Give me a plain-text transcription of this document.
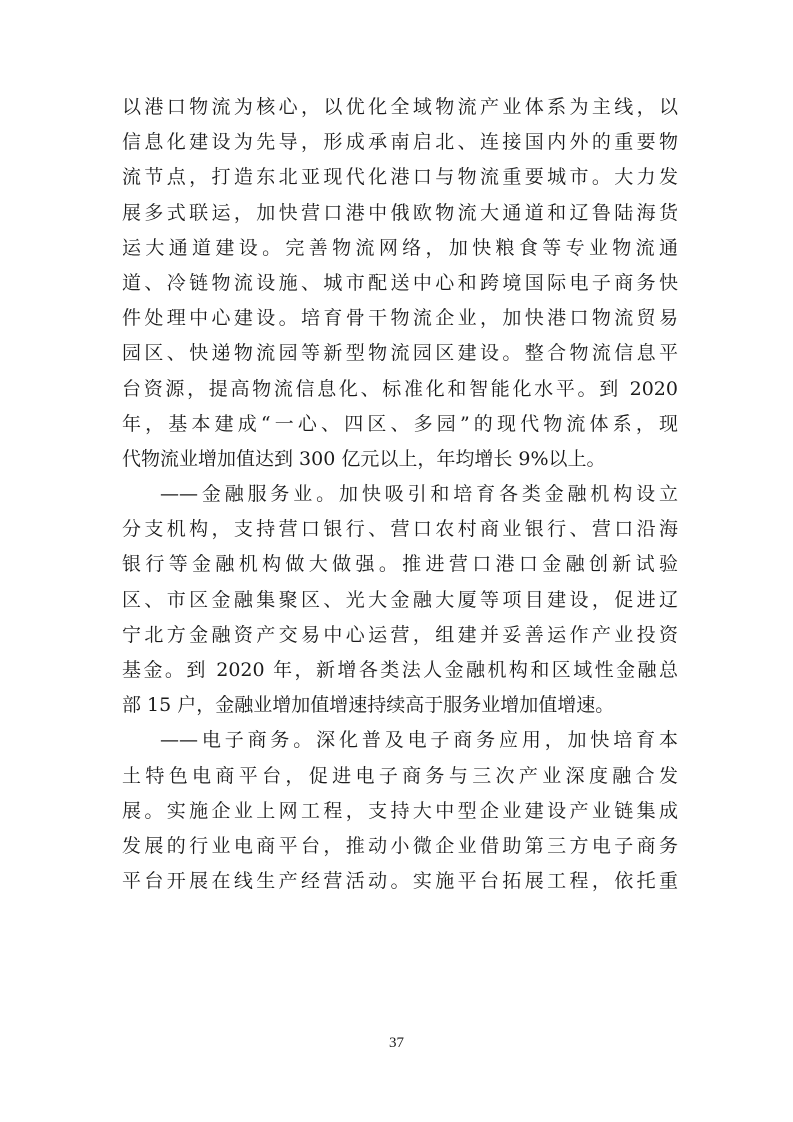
以港口物流为核心，以优化全域物流产业体系为主线，以
信息化建设为先导，形成承南启北、连接国内外的重要物
流节点，打造东北亚现代化港口与物流重要城市。大力发
展多式联运，加快营口港中俄欧物流大通道和辽鲁陆海货
运大通道建设。完善物流网络，加快粮食等专业物流通
道、冷链物流设施、城市配送中心和跨境国际电子商务快
件处理中心建设。培育骨干物流企业，加快港口物流贸易
园区、快递物流园等新型物流园区建设。整合物流信息平
台资源，提高物流信息化、标准化和智能化水平。到 2020
年，基本建成“一心、四区、多园”的现代物流体系，现
代物流业增加值达到 300 亿元以上，年均增长 9%以上。
——金融服务业。加快吸引和培育各类金融机构设立
分支机构，支持营口银行、营口农村商业银行、营口沿海
银行等金融机构做大做强。推进营口港口金融创新试验
区、市区金融集聚区、光大金融大厦等项目建设，促进辽
宁北方金融资产交易中心运营，组建并妥善运作产业投资
基金。到 2020 年，新增各类法人金融机构和区域性金融总
部 15 户，金融业增加值增速持续高于服务业增加值增速。
——电子商务。深化普及电子商务应用，加快培育本
土特色电商平台，促进电子商务与三次产业深度融合发
展。实施企业上网工程，支持大中型企业建设产业链集成
发展的行业电商平台，推动小微企业借助第三方电子商务
平台开展在线生产经营活动。实施平台拓展工程，依托重
37
